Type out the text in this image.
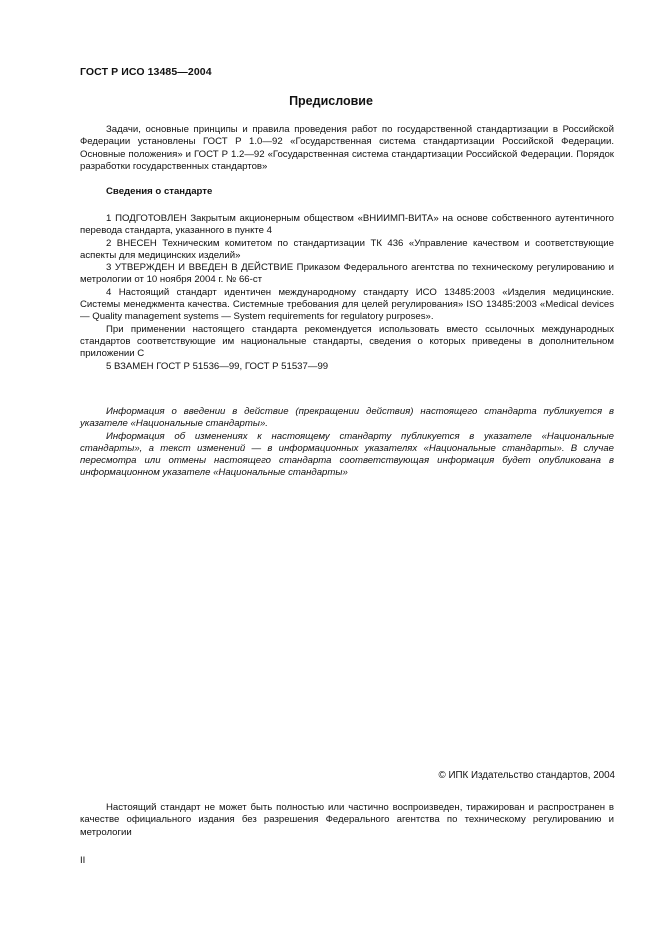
ГОСТ Р ИСО 13485—2004
Предисловие

Задачи, основные принципы и правила проведения работ по государственной стандартизации в Российской Федерации установлены ГОСТ Р 1.0—92 «Государственная система стандартизации Российской Федерации. Основные положения» и ГОСТ Р 1.2—92 «Государственная система стандартизации Российской Федерации. Порядок разработки государственных стандартов»

Сведения о стандарте

1 ПОДГОТОВЛЕН Закрытым акционерным обществом «ВНИИМП-ВИТА» на основе собственного аутентичного перевода стандарта, указанного в пункте 4

2 ВНЕСЕН Техническим комитетом по стандартизации ТК 436 «Управление качеством и соответствующие аспекты для медицинских изделий»

3 УТВЕРЖДЕН И ВВЕДЕН В ДЕЙСТВИЕ Приказом Федерального агентства по техническому регулированию и метрологии от 10 ноября 2004 г. № 66-ст

4 Настоящий стандарт идентичен международному стандарту ИСО 13485:2003 «Изделия медицинские. Системы менеджмента качества. Системные требования для целей регулирования» ISO 13485:2003 «Medical devices — Quality management systems — System requirements for regulatory purposes».

При применении настоящего стандарта рекомендуется использовать вместо ссылочных международных стандартов соответствующие им национальные стандарты, сведения о которых приведены в дополнительном приложении С

5 ВЗАМЕН ГОСТ Р 51536—99, ГОСТ Р 51537—99

Информация о введении в действие (прекращении действия) настоящего стандарта публикуется в указателе «Национальные стандарты».

Информация об изменениях к настоящему стандарту публикуется в указателе «Национальные стандарты», а текст изменений — в информационных указателях «Национальные стандарты». В случае пересмотра или отмены настоящего стандарта соответствующая информация будет опубликована в информационном указателе «Национальные стандарты»

© ИПК Издательство стандартов, 2004

Настоящий стандарт не может быть полностью или частично воспроизведен, тиражирован и распространен в качестве официального издания без разрешения Федерального агентства по техническому регулированию и метрологии

II
